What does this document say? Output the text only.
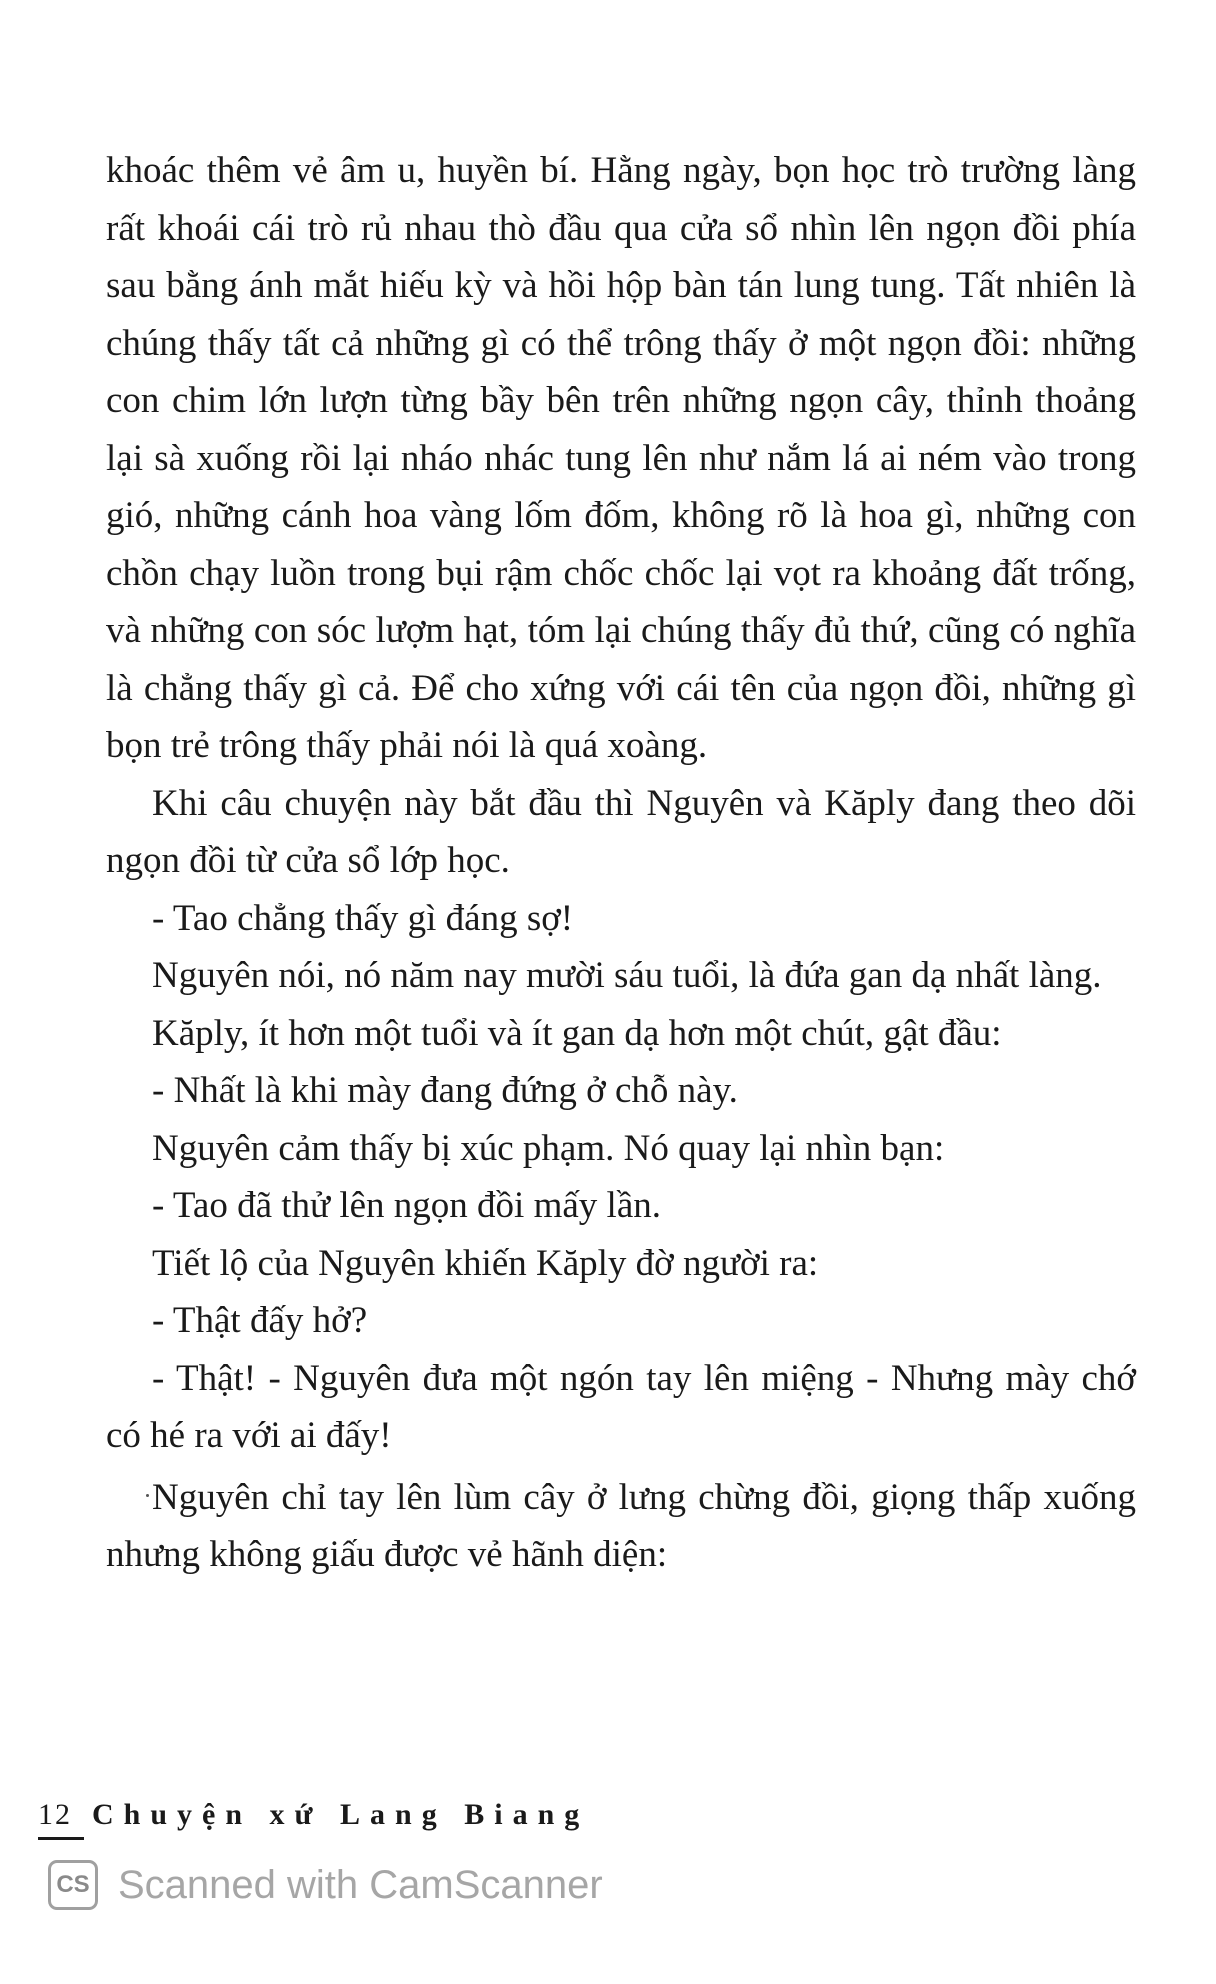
khoác thêm vẻ âm u, huyền bí. Hằng ngày, bọn học trò trường làng rất khoái cái trò rủ nhau thò đầu qua cửa sổ nhìn lên ngọn đồi phía sau bằng ánh mắt hiếu kỳ và hồi hộp bàn tán lung tung. Tất nhiên là chúng thấy tất cả những gì có thể trông thấy ở một ngọn đồi: những con chim lớn lượn từng bầy bên trên những ngọn cây, thỉnh thoảng lại sà xuống rồi lại nháo nhác tung lên như nắm lá ai ném vào trong gió, những cánh hoa vàng lốm đốm, không rõ là hoa gì, những con chồn chạy luồn trong bụi rậm chốc chốc lại vọt ra khoảng đất trống, và những con sóc lượm hạt, tóm lại chúng thấy đủ thứ, cũng có nghĩa là chẳng thấy gì cả. Để cho xứng với cái tên của ngọn đồi, những gì bọn trẻ trông thấy phải nói là quá xoàng.

Khi câu chuyện này bắt đầu thì Nguyên và Kăply đang theo dõi ngọn đồi từ cửa sổ lớp học.

- Tao chẳng thấy gì đáng sợ!

Nguyên nói, nó năm nay mười sáu tuổi, là đứa gan dạ nhất làng.

Kăply, ít hơn một tuổi và ít gan dạ hơn một chút, gật đầu:

- Nhất là khi mày đang đứng ở chỗ này.

Nguyên cảm thấy bị xúc phạm. Nó quay lại nhìn bạn:

- Tao đã thử lên ngọn đồi mấy lần.

Tiết lộ của Nguyên khiến Kăply đờ người ra:

- Thật đấy hở?

- Thật! - Nguyên đưa một ngón tay lên miệng - Nhưng mày chớ có hé ra với ai đấy!

Nguyên chỉ tay lên lùm cây ở lưng chừng đồi, giọng thấp xuống nhưng không giấu được vẻ hãnh diện:

12 Chuyện xứ Lang Biang
CS Scanned with CamScanner
